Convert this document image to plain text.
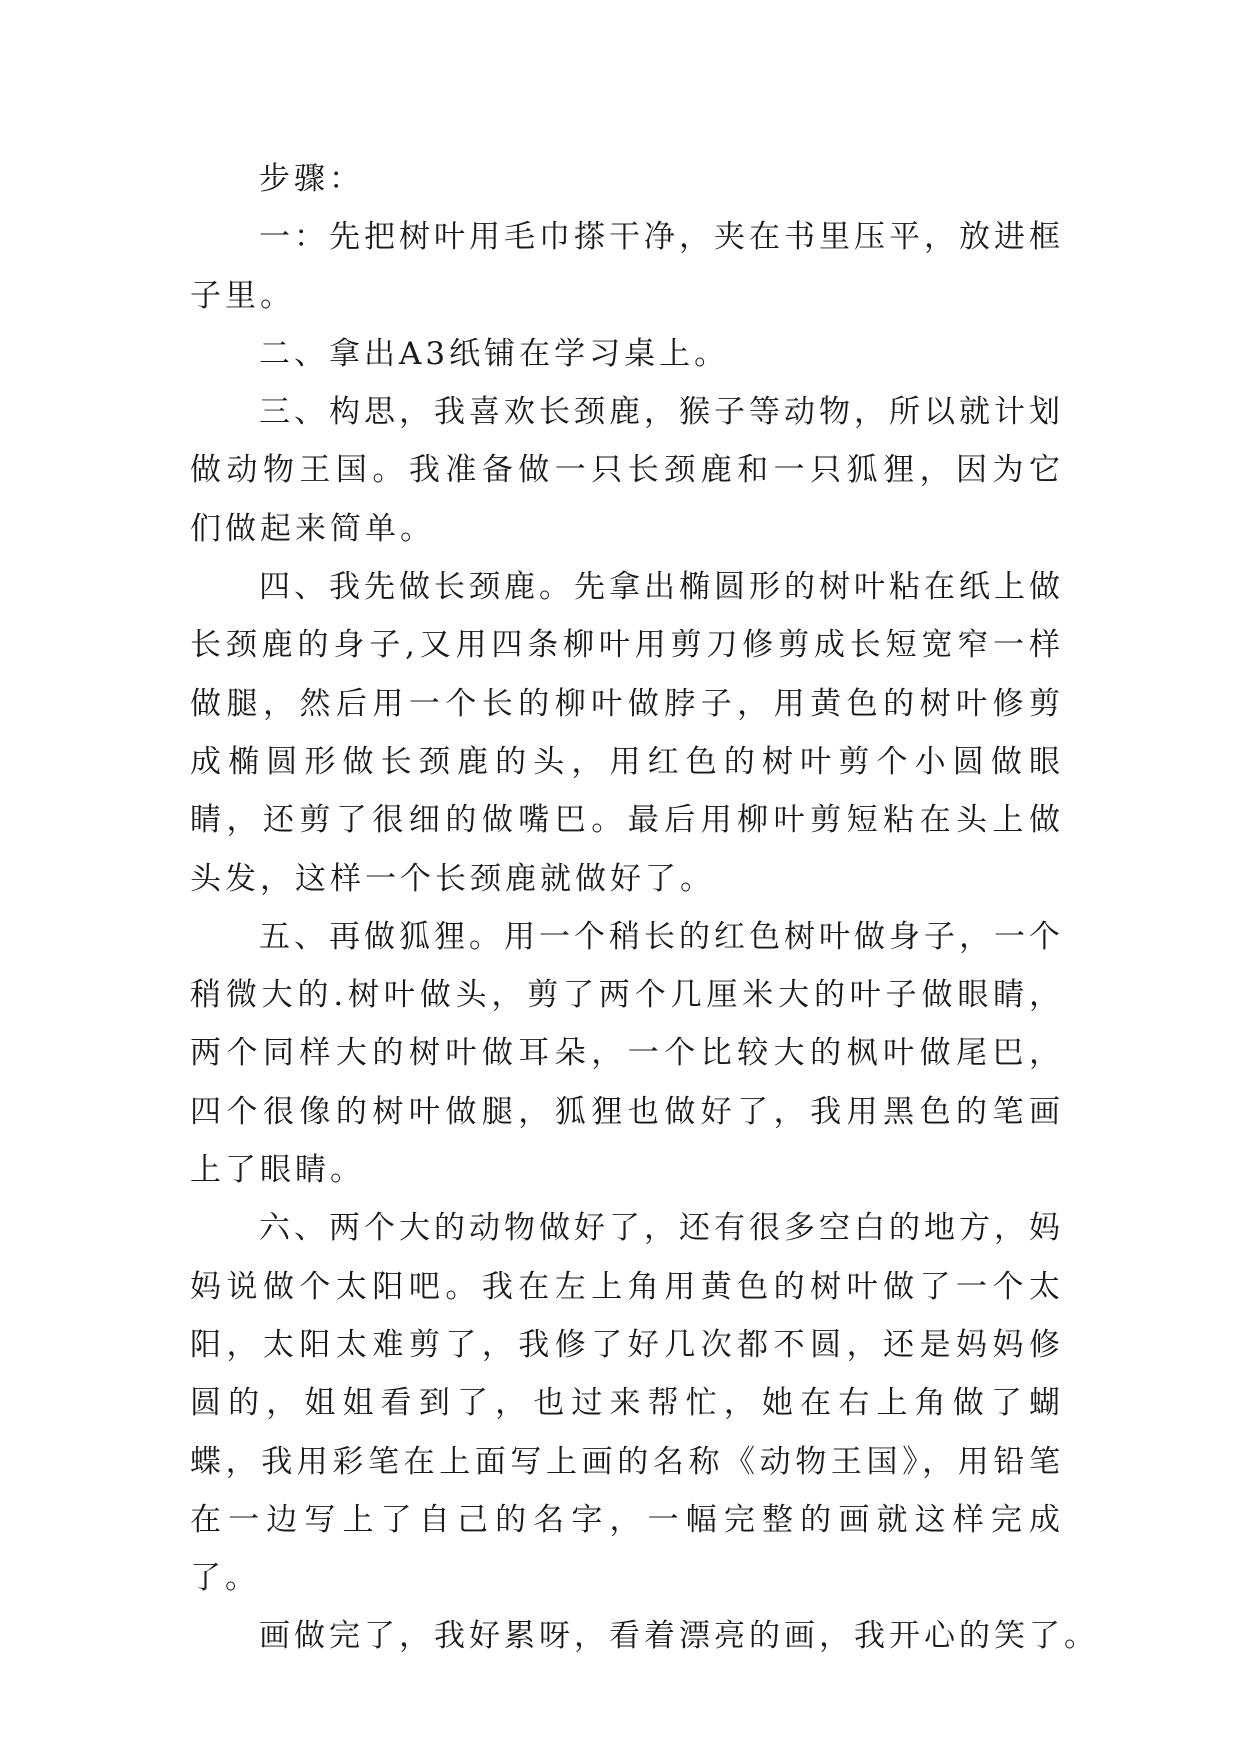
步骤：

一：先把树叶用毛巾搽干净，夹在书里压平，放进框子里。

二、拿出A3纸铺在学习桌上。

三、构思，我喜欢长颈鹿，猴子等动物，所以就计划做动物王国。我准备做一只长颈鹿和一只狐狸，因为它们做起来简单。

四、我先做长颈鹿。先拿出椭圆形的树叶粘在纸上做长颈鹿的身子,又用四条柳叶用剪刀修剪成长短宽窄一样做腿，然后用一个长的柳叶做脖子，用黄色的树叶修剪成椭圆形做长颈鹿的头，用红色的树叶剪个小圆做眼睛，还剪了很细的做嘴巴。最后用柳叶剪短粘在头上做头发，这样一个长颈鹿就做好了。

五、再做狐狸。用一个稍长的红色树叶做身子，一个稍微大的.树叶做头，剪了两个几厘米大的叶子做眼睛，两个同样大的树叶做耳朵，一个比较大的枫叶做尾巴，四个很像的树叶做腿，狐狸也做好了，我用黑色的笔画上了眼睛。

六、两个大的动物做好了，还有很多空白的地方，妈妈说做个太阳吧。我在左上角用黄色的树叶做了一个太阳，太阳太难剪了，我修了好几次都不圆，还是妈妈修圆的，姐姐看到了，也过来帮忙，她在右上角做了蝴蝶，我用彩笔在上面写上画的名称《动物王国》，用铅笔在一边写上了自己的名字，一幅完整的画就这样完成了。

画做完了，我好累呀，看着漂亮的画，我开心的笑了。
